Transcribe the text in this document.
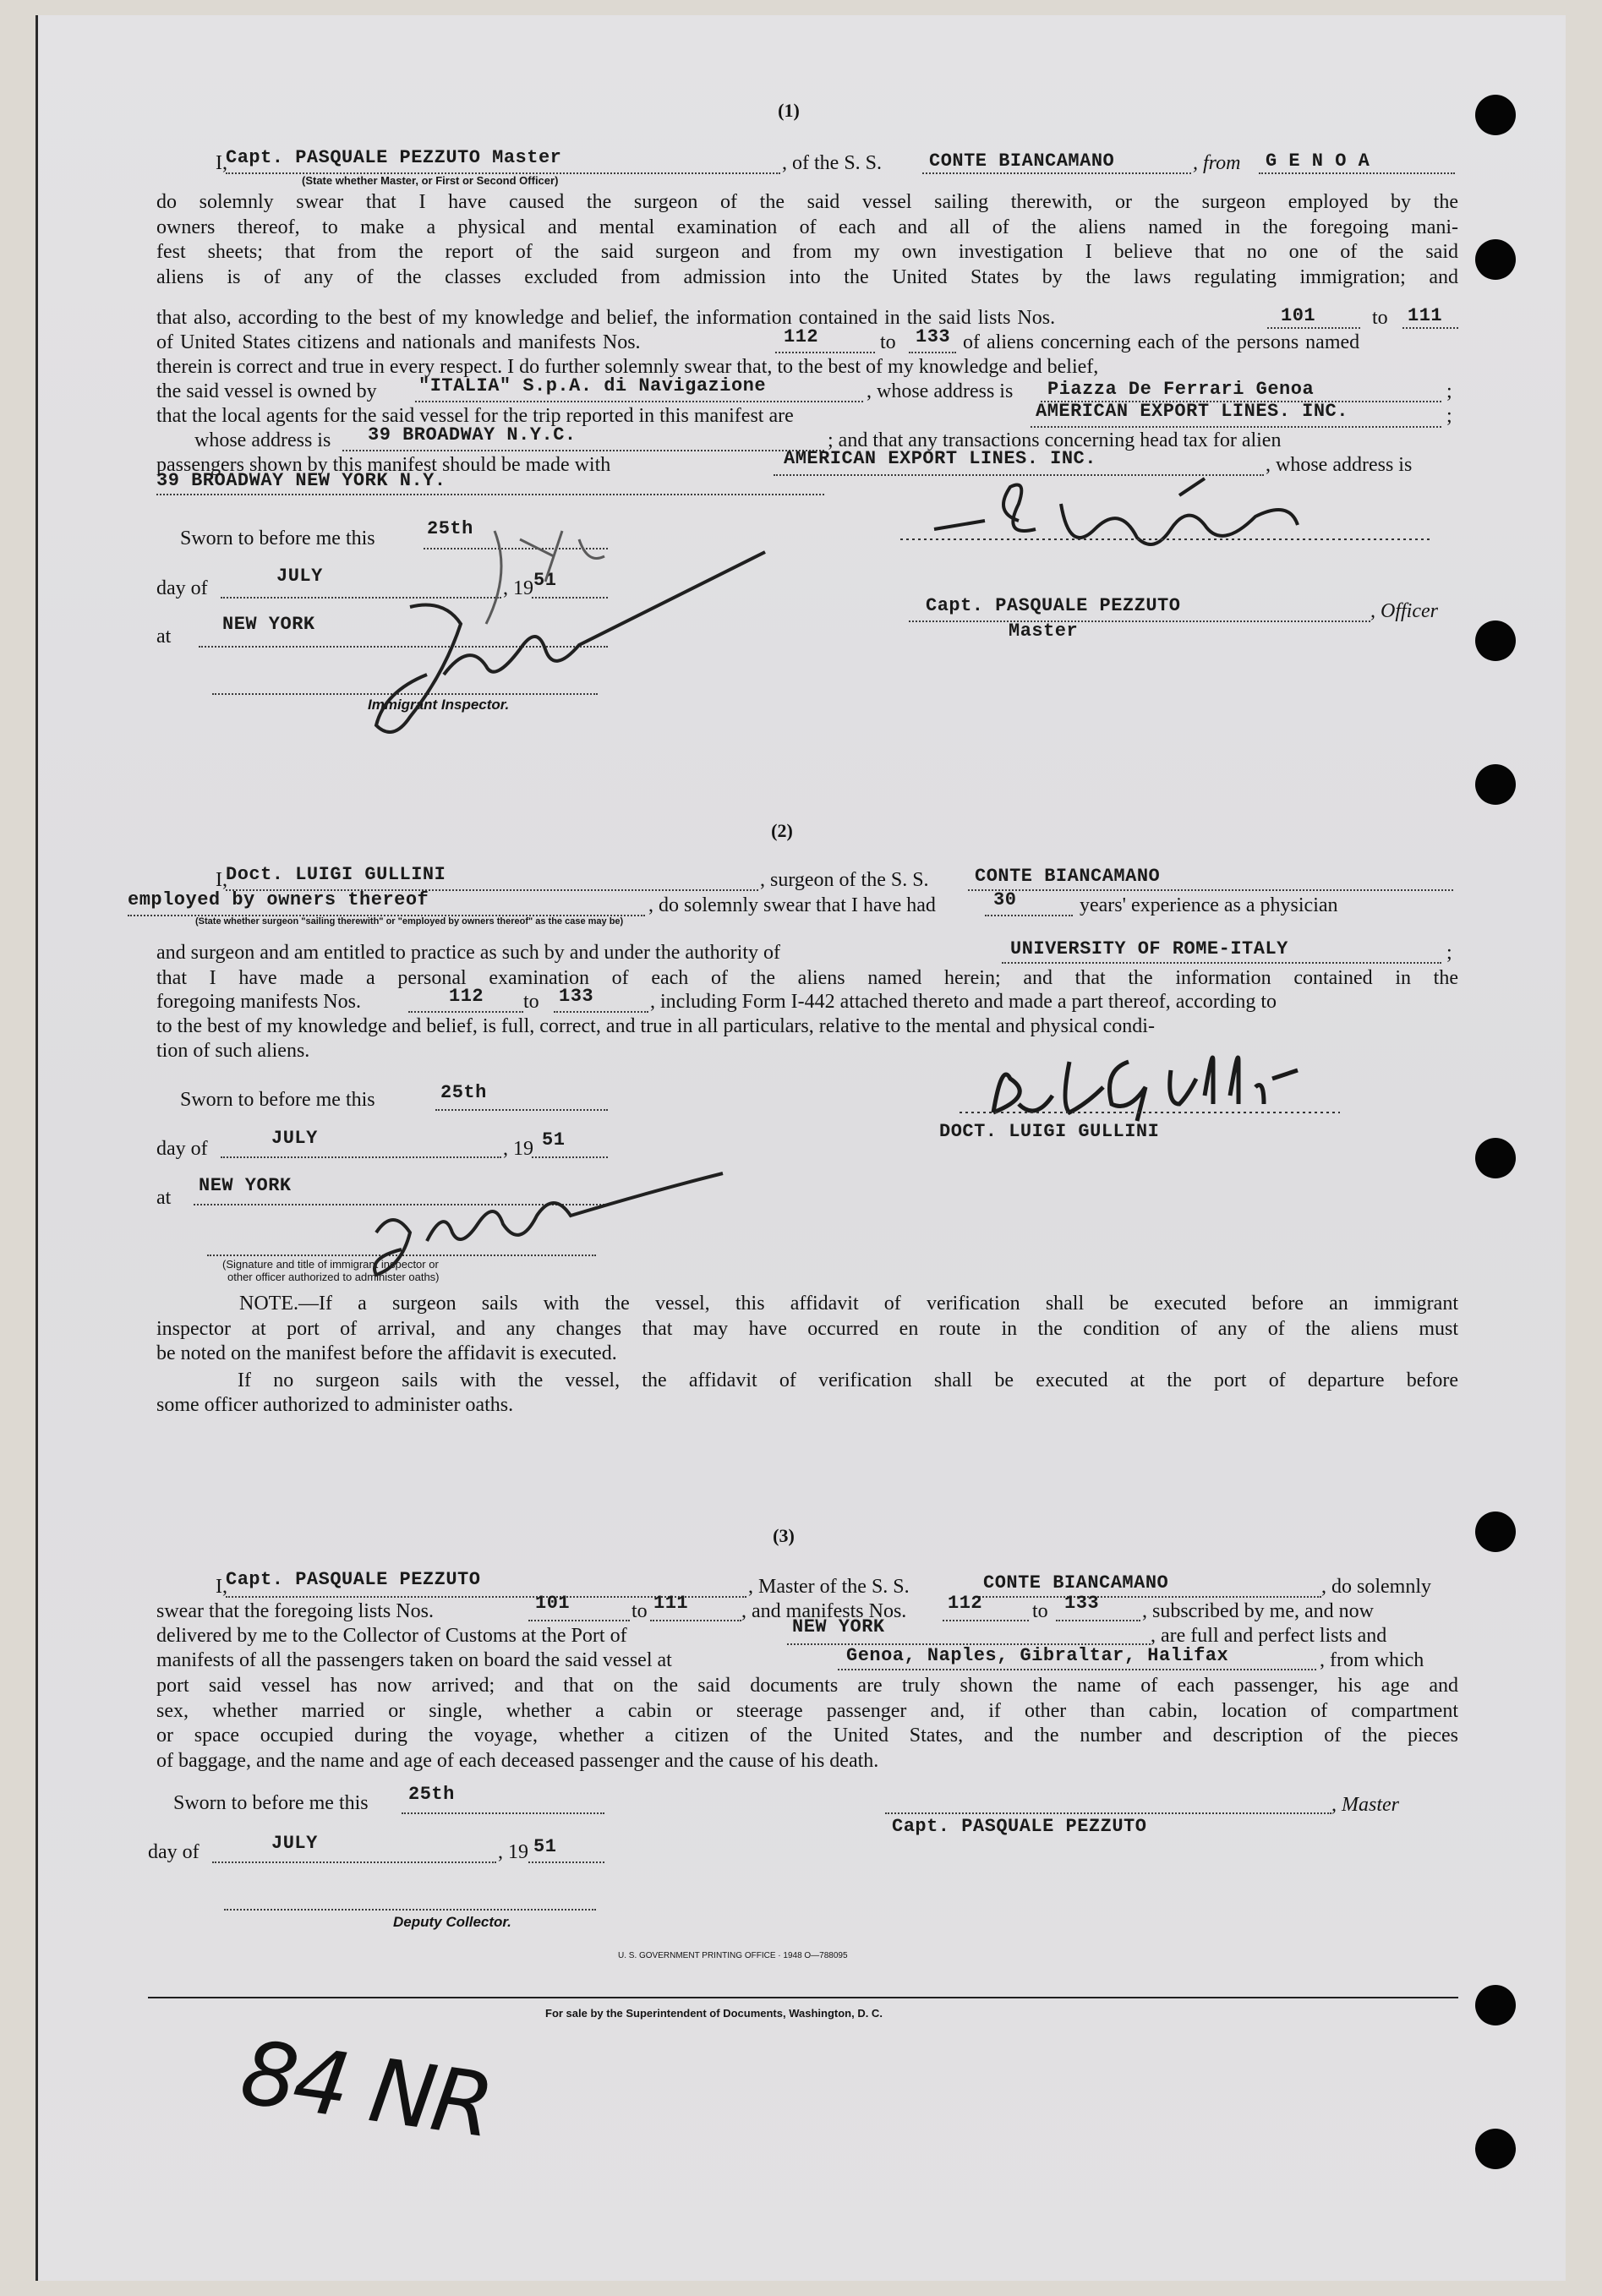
(1)
I,
Capt. PASQUALE PEZZUTO Master
(State whether Master, or First or Second Officer)
, of the S. S.	CONTE BIANCAMANO	, from G E N O A
do solemnly swear that I have caused the surgeon of the said vessel sailing therewith, or the surgeon employed by the
owners thereof, to make a physical and mental examination of each and all of the aliens named in the foregoing mani-
fest sheets; that from the report of the said surgeon and from my own investigation I believe that no one of the said
aliens is of any of the classes excluded from admission into the United States by the laws regulating immigration; and
that also, according to the best of my knowledge and belief, the information contained in the said lists Nos.	101	to 111
of United States citizens and nationals and manifests Nos.	112	to 133 of aliens concerning each of the persons named
therein is correct and true in every respect. I do further solemnly swear that, to the best of my knowledge and belief,
the said vessel is owned by "ITALIA" S.p.A. di Navigazione	, whose address is Piazza De Ferrari Genoa	;
that the local agents for the said vessel for the trip reported in this manifest are	AMERICAN EXPORT LINES. INC.	;
whose address is 39 BROADWAY N.Y.C.	; and that any transactions concerning head tax for alien
passengers shown by this manifest should be made with	AMERICAN EXPORT LINES. INC.	, whose address is
39 BROADWAY NEW YORK N.Y.
Sworn to before me this	25th
day of
JULY
, 19 51
at
NEW YORK
Immigrant Inspector.
Capt. PASQUALE PEZZUTO	, Officer
Master
(2)
I,
Doct. LUIGI GULLINI	, surgeon of the S. S. CONTE BIANCAMANO
employed by owners thereof
(State whether surgeon "sailing therewith" or "employed by owners thereof" as the case may be)
, do solemnly swear that I have had	30	years' experience as a physician
and surgeon and am entitled to practice as such by and under the authority of	UNIVERSITY OF ROME-ITALY	;
that I have made a personal examination of each of the aliens named herein; and that the information contained in the
foregoing manifests Nos.	112 to 133	, including Form I-442 attached thereto and made a part thereof, according to
to the best of my knowledge and belief, is full, correct, and true in all particulars, relative to the mental and physical condi-
tion of such aliens.
Sworn to before me this	25th
day of	JULY	, 19 51
at
NEW YORK
(Signature and title of immigrant inspector or
other officer authorized to administer oaths)
DOCT. LUIGI GULLINI
NOTE.—If a surgeon sails with the vessel, this affidavit of verification shall be executed before an immigrant
inspector at port of arrival, and any changes that may have occurred en route in the condition of any of the aliens must
be noted on the manifest before the affidavit is executed.
If no surgeon sails with the vessel, the affidavit of verification shall be executed at the port of departure before
some officer authorized to administer oaths.
(3)
I,
Capt. PASQUALE PEZZUTO	, Master of the S. S.	CONTE BIANCAMANO	, do solemnly
swear that the foregoing lists Nos.	101	to 111	, and manifests Nos. 112 to 133 , subscribed by me, and now
delivered by me to the Collector of Customs at the Port of	NEW YORK	, are full and perfect lists and
manifests of all the passengers taken on board the said vessel at	Genoa, Naples, Gibraltar, Halifax	, from which
port said vessel has now arrived; and that on the said documents are truly shown the name of each passenger, his age and
sex, whether married or single, whether a cabin or steerage passenger and, if other than cabin, location of compartment
or space occupied during the voyage, whether a citizen of the United States, and the number and description of the pieces
of baggage, and the name and age of each deceased passenger and the cause of his death.
Sworn to before me this 25th	, Master
Capt. PASQUALE PEZZUTO
day of	JULY	, 19 51
Deputy Collector.
U. S. GOVERNMENT PRINTING OFFICE · 1948 O—788095
For sale by the Superintendent of Documents, Washington, D. C.
84 NR
